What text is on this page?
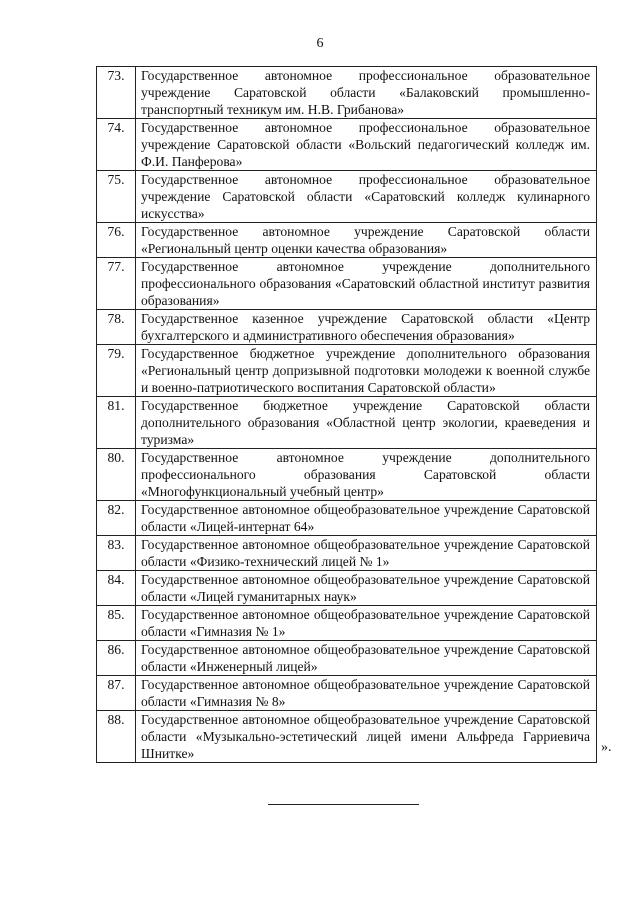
6
73.	Государственное автономное профессиональное образовательное учреждение Саратовской области «Балаковский промышленно-транспортный техникум им. Н.В. Грибанова»
74.	Государственное автономное профессиональное образовательное учреждение Саратовской области «Вольский педагогический колледж им. Ф.И. Панферова»
75.	Государственное автономное профессиональное образовательное учреждение Саратовской области «Саратовский колледж кулинарного искусства»
76.	Государственное автономное учреждение Саратовской области «Региональный центр оценки качества образования»
77.	Государственное автономное учреждение дополнительного профессионального образования «Саратовский областной институт развития образования»
78.	Государственное казенное учреждение Саратовской области «Центр бухгалтерского и административного обеспечения образования»
79.	Государственное бюджетное учреждение дополнительного образования «Региональный центр допризывной подготовки молодежи к военной службе и военно-патриотического воспитания Саратовской области»
81.	Государственное бюджетное учреждение Саратовской области дополнительного образования «Областной центр экологии, краеведения и туризма»
80.	Государственное автономное учреждение дополнительного профессионального образования Саратовской области «Многофункциональный учебный центр»
82.	Государственное автономное общеобразовательное учреждение Саратовской области «Лицей-интернат 64»
83.	Государственное автономное общеобразовательное учреждение Саратовской области «Физико-технический лицей № 1»
84.	Государственное автономное общеобразовательное учреждение Саратовской области «Лицей гуманитарных наук»
85.	Государственное автономное общеобразовательное учреждение Саратовской области «Гимназия № 1»
86.	Государственное автономное общеобразовательное учреждение Саратовской области «Инженерный лицей»
87.	Государственное автономное общеобразовательное учреждение Саратовской области «Гимназия № 8»
88.	Государственное автономное общеобразовательное учреждение Саратовской области «Музыкально-эстетический лицей имени Альфреда Гарриевича Шнитке»	».
